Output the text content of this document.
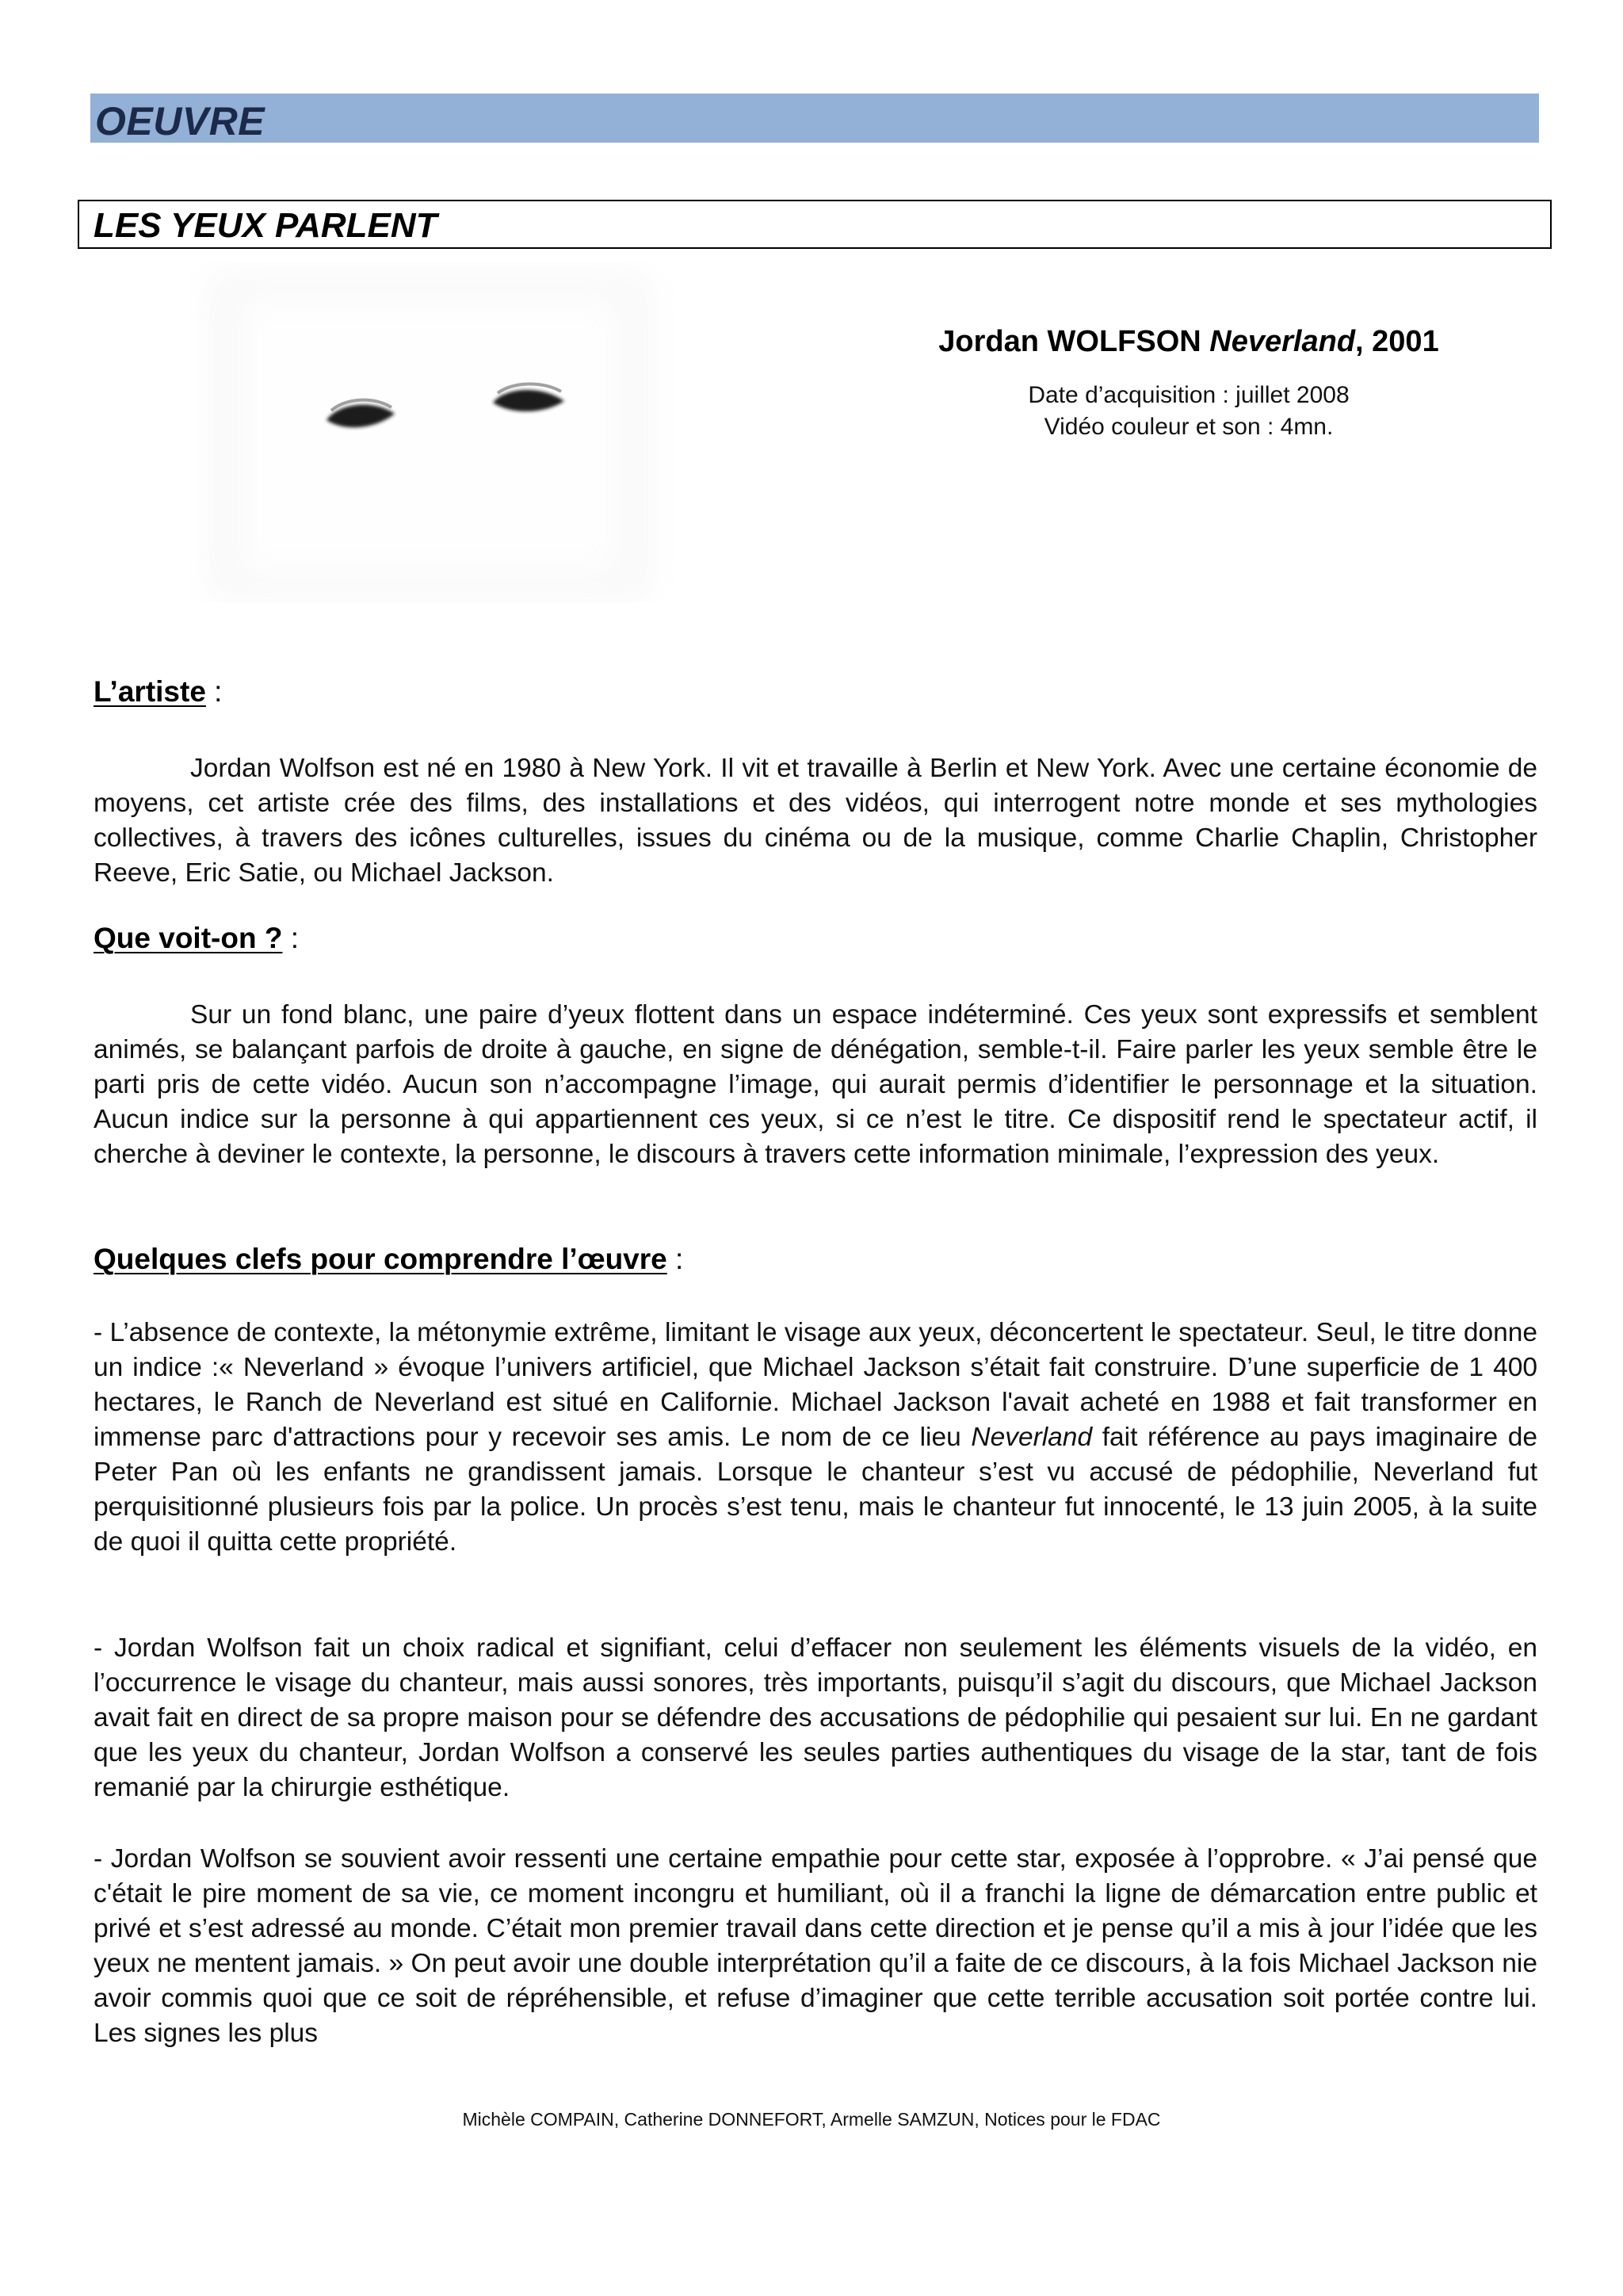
OEUVRE
LES YEUX PARLENT
Jordan WOLFSON Neverland, 2001
Date d’acquisition : juillet 2008
Vidéo couleur et son : 4mn.
L’artiste :
Jordan Wolfson est né en 1980 à New York. Il vit et travaille à Berlin et New York. Avec une certaine économie de moyens, cet artiste crée des films, des installations et des vidéos, qui interrogent notre monde et ses mythologies collectives, à travers des icônes culturelles, issues du cinéma ou de la musique, comme Charlie Chaplin, Christopher Reeve, Eric Satie, ou Michael Jackson.
Que voit-on ? :
Sur un fond blanc, une paire d’yeux flottent dans un espace indéterminé. Ces yeux sont expressifs et semblent animés, se balançant parfois de droite à gauche, en signe de dénégation, semble-t-il. Faire parler les yeux semble être le parti pris de cette vidéo. Aucun son n’accompagne l’image, qui aurait permis d’identifier le personnage et la situation. Aucun indice sur la personne à qui appartiennent ces yeux, si ce n’est le titre. Ce dispositif rend le spectateur actif, il cherche à deviner le contexte, la personne, le discours à travers cette information minimale, l’expression des yeux.
Quelques clefs pour comprendre l’œuvre :
- L’absence de contexte, la métonymie extrême, limitant le visage aux yeux, déconcertent le spectateur. Seul, le titre donne un indice :« Neverland » évoque l’univers artificiel, que Michael Jackson s’était fait construire. D’une superficie de 1 400 hectares, le Ranch de Neverland est situé en Californie. Michael Jackson l'avait acheté en 1988 et fait transformer en immense parc d'attractions pour y recevoir ses amis. Le nom de ce lieu Neverland fait référence au pays imaginaire de Peter Pan où les enfants ne grandissent jamais. Lorsque le chanteur s’est vu accusé de pédophilie, Neverland fut perquisitionné plusieurs fois par la police. Un procès s’est tenu, mais le chanteur fut innocenté, le 13 juin 2005, à la suite de quoi il quitta cette propriété.
- Jordan Wolfson fait un choix radical et signifiant, celui d’effacer non seulement les éléments visuels de la vidéo, en l’occurrence le visage du chanteur, mais aussi sonores, très importants, puisqu’il s’agit du discours, que Michael Jackson avait fait en direct de sa propre maison pour se défendre des accusations de pédophilie qui pesaient sur lui. En ne gardant que les yeux du chanteur, Jordan Wolfson a conservé les seules parties authentiques du visage de la star, tant de fois remanié par la chirurgie esthétique.
- Jordan Wolfson se souvient avoir ressenti une certaine empathie pour cette star, exposée à l’opprobre. « J’ai pensé que c'était le pire moment de sa vie, ce moment incongru et humiliant, où il a franchi la ligne de démarcation entre public et privé et s’est adressé au monde. C’était mon premier travail dans cette direction et je pense qu’il a mis à jour l’idée que les yeux ne mentent jamais. » On peut avoir une double interprétation qu’il a faite de ce discours, à la fois Michael Jackson nie avoir commis quoi que ce soit de répréhensible, et refuse d’imaginer que cette terrible accusation soit portée contre lui. Les signes les plus
Michèle COMPAIN, Catherine DONNEFORT, Armelle SAMZUN, Notices pour le FDAC
